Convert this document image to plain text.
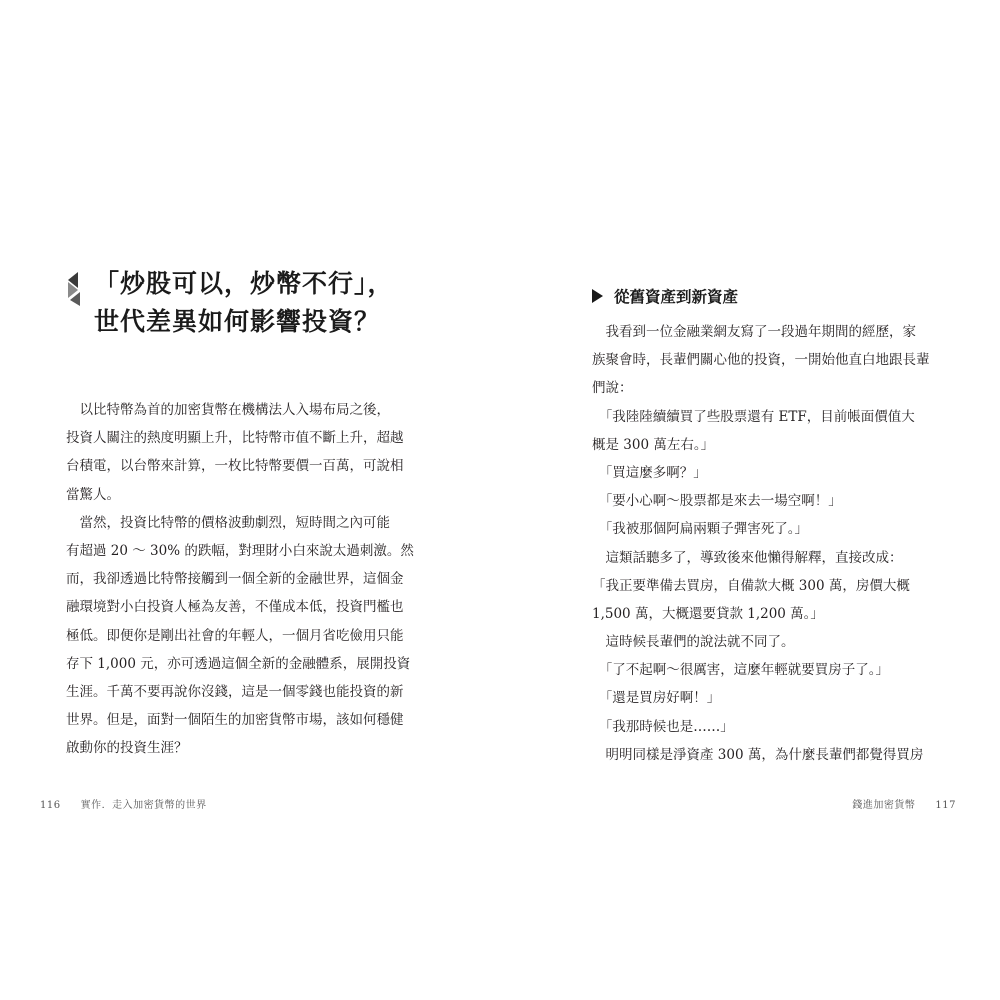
「炒股可以，炒幣不行」，
世代差異如何影響投資？
　以比特幣為首的加密貨幣在機構法人入場布局之後，
投資人關注的熱度明顯上升，比特幣市值不斷上升，超越
台積電，以台幣來計算，一枚比特幣要價一百萬，可說相
當驚人。
　當然，投資比特幣的價格波動劇烈，短時間之內可能
有超過 20 ～ 30% 的跌幅，對理財小白來說太過刺激。然
而，我卻透過比特幣接觸到一個全新的金融世界，這個金
融環境對小白投資人極為友善，不僅成本低，投資門檻也
極低。即便你是剛出社會的年輕人，一個月省吃儉用只能
存下 1,000 元，亦可透過這個全新的金融體系，展開投資
生涯。千萬不要再說你沒錢，這是一個零錢也能投資的新
世界。但是，面對一個陌生的加密貨幣市場，該如何穩健
啟動你的投資生涯？
從舊資產到新資產
　我看到一位金融業網友寫了一段過年期間的經歷，家
族聚會時，長輩們關心他的投資，一開始他直白地跟長輩
們說：
　「我陸陸續續買了些股票還有 ETF，目前帳面價值大
概是 300 萬左右。」
　「買這麼多啊？」
　「要小心啊～股票都是來去一場空啊！」
　「我被那個阿扁兩顆子彈害死了。」
　這類話聽多了，導致後來他懶得解釋，直接改成：
「我正要準備去買房，自備款大概 300 萬，房價大概
1,500 萬，大概還要貸款 1,200 萬。」
　這時候長輩們的說法就不同了。
　「了不起啊～很厲害，這麼年輕就要買房子了。」
　「還是買房好啊！」
　「我那時候也是……」
　明明同樣是淨資產 300 萬，為什麼長輩們都覺得買房
116 實作．走入加密貨幣的世界	錢進加密貨幣 117
